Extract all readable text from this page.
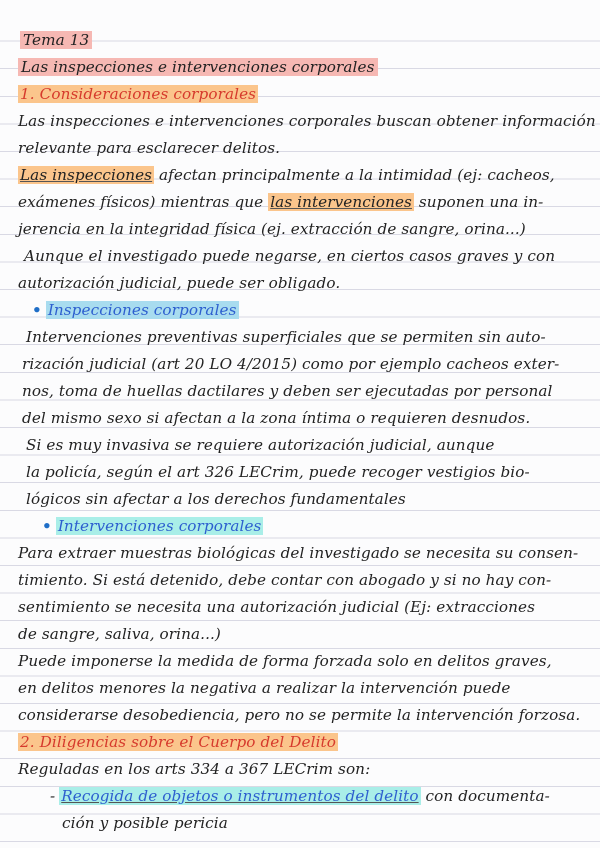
Tema 13
Las inspecciones e intervenciones corporales
1. Consideraciones corporales
Las inspecciones e intervenciones corporales buscan obtener información
relevante para esclarecer delitos.
Las inspecciones afectan principalmente a la intimidad (ej: cacheos,
exámenes físicos) mientras que las intervenciones suponen una in-
jerencia en la integridad física (ej. extracción de sangre, orina...)
Aunque el investigado puede negarse, en ciertos casos graves y con
autorización judicial, puede ser obligado.
• Inspecciones corporales
Intervenciones preventivas superficiales que se permiten sin auto-
rización judicial (art 20 LO 4/2015) como por ejemplo cacheos exter-
nos, toma de huellas dactilares y deben ser ejecutadas por personal
del mismo sexo si afectan a la zona íntima o requieren desnudos.
Si es muy invasiva se requiere autorización judicial, aunque
la policía, según el art 326 LECrim, puede recoger vestigios bio-
lógicos sin afectar a los derechos fundamentales
• Intervenciones corporales
Para extraer muestras biológicas del investigado se necesita su consen-
timiento. Si está detenido, debe contar con abogado y si no hay con-
sentimiento se necesita una autorización judicial (Ej: extracciones
de sangre, saliva, orina...)
Puede imponerse la medida de forma forzada solo en delitos graves,
en delitos menores la negativa a realizar la intervención puede
considerarse desobediencia, pero no se permite la intervención forzosa.
2. Diligencias sobre el Cuerpo del Delito
Reguladas en los arts 334 a 367 LECrim son:
- Recogida de objetos o instrumentos del delito con documenta-
ción y posible pericia
